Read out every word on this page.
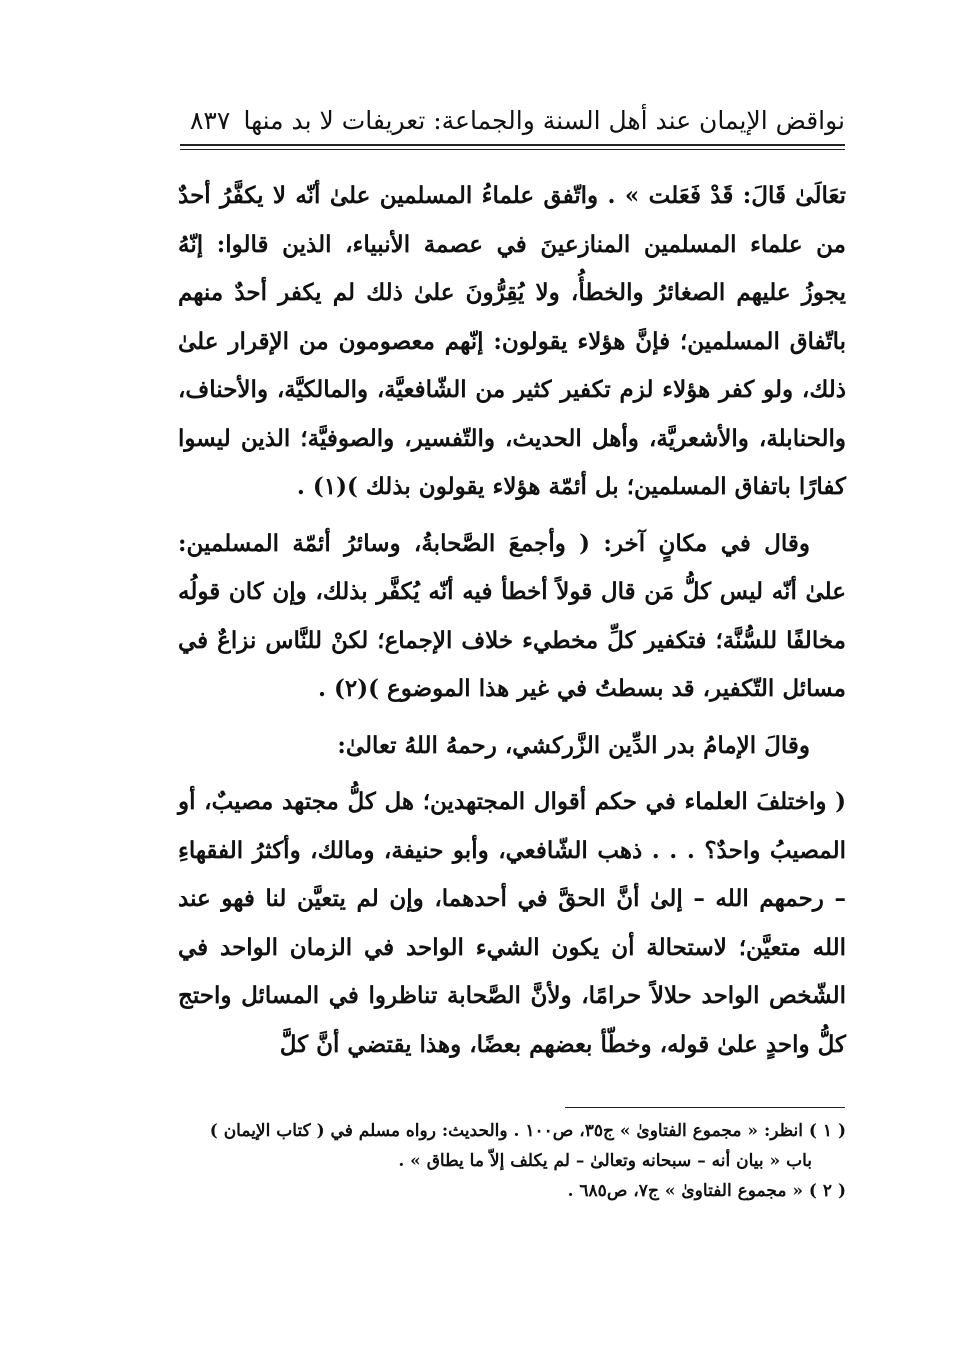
نواقض الإيمان عند أهل السنة والجماعة: تعريفات لا بد منها
٨٣٧

تعَالَىٰ قَالَ: قَدْ فَعَلت » . واتّفق علماءُ المسلمين علىٰ أنّه لا يكفَّرُ أحدٌ من علماء المسلمين المنازعينَ في عصمة الأنبياء، الذين قالوا: إنّهُ يجوزُ عليهم الصغائرُ والخطأُ، ولا يُقِرُّونَ علىٰ ذلك لم يكفر أحدٌ منهم باتّفاق المسلمين؛ فإنَّ هؤلاء يقولون: إنّهم معصومون من الإقرار علىٰ ذلك، ولو كفر هؤلاء لزم تكفير كثير من الشّافعيَّة، والمالكيَّة، والأحناف، والحنابلة، والأشعريَّة، وأهل الحديث، والتّفسير، والصوفيَّة؛ الذين ليسوا كفارًا باتفاق المسلمين؛ بل أئمّة هؤلاء يقولون بذلك )(١) .

وقال في مكانٍ آخر: ( وأجمعَ الصَّحابةُ، وسائرُ أئمّة المسلمين: علىٰ أنّه ليس كلُّ مَن قال قولاً أخطأ فيه أنّه يُكفَّر بذلك، وإن كان قولُه مخالفًا للسُّنَّة؛ فتكفير كلِّ مخطيء خلاف الإجماع؛ لكنْ للنَّاس نزاعٌ في مسائل التّكفير، قد بسطتُ في غير هذا الموضوع )(٢) .

وقالَ الإمامُ بدر الدِّين الزَّركشي، رحمهُ اللهُ تعالىٰ:

( واختلفَ العلماء في حكم أقوال المجتهدين؛ هل كلُّ مجتهد مصيبٌ، أو المصيبُ واحدٌ؟ . . . ذهب الشّافعي، وأبو حنيفة، ومالك، وأكثرُ الفقهاءِ – رحمهم الله – إلىٰ أنَّ الحقَّ في أحدهما، وإن لم يتعيَّن لنا فهو عند الله متعيَّن؛ لاستحالة أن يكون الشيء الواحد في الزمان الواحد في الشّخص الواحد حلالاً حرامًا، ولأنَّ الصَّحابة تناظروا في المسائل واحتج كلُّ واحدٍ علىٰ قوله، وخطّأ بعضهم بعضًا، وهذا يقتضي أنَّ كلَّ

( ١ ) انظر: « مجموع الفتاوىٰ » ج٣٥، ص١٠٠ . والحديث: رواه مسلم في ( كتاب الإيمان )

باب « بيان أنه – سبحانه وتعالىٰ – لم يكلف إلاّ ما يطاق » .

( ٢ ) « مجموع الفتاوىٰ » ج٧، ص٦٨٥ .
